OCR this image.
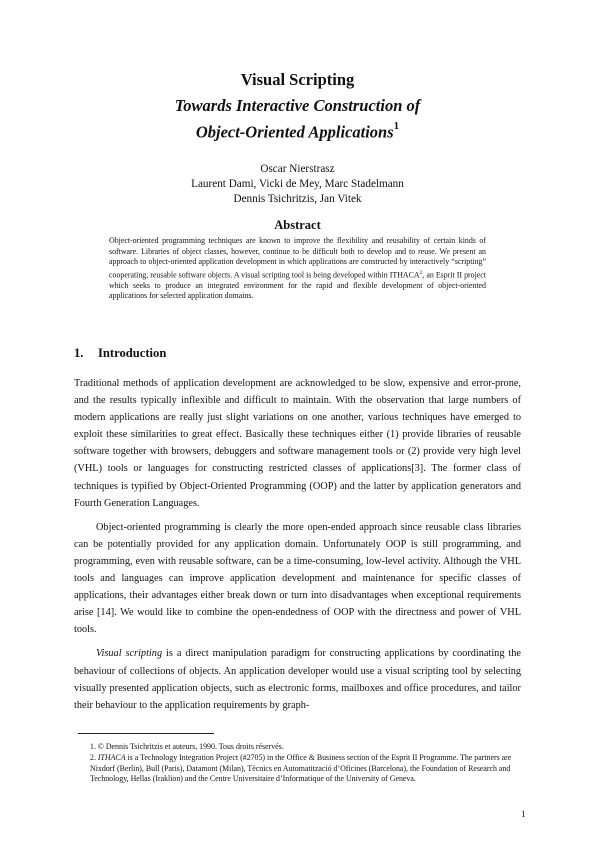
Visual Scripting
Towards Interactive Construction of
Object-Oriented Applications$^1$
Oscar Nierstrasz
Laurent Dami, Vicki de Mey, Marc Stadelmann
Dennis Tsichritzis, Jan Vitek
Abstract

Object-oriented programming techniques are known to improve the flexibility and reusability of certain kinds of software. Libraries of object classes, however, continue to be difficult both to develop and to reuse. We present an approach to object-oriented application development in which applications are constructed by interactively “scripting” cooperating, reusable software objects. A visual scripting tool is being developed within ITHACA$^2$, an Esprit II project which seeks to produce an integrated environment for the rapid and flexible development of object-oriented applications for selected application domains.

1. Introduction

Traditional methods of application development are acknowledged to be slow, expensive and error-prone, and the results typically inflexible and difficult to maintain. With the observation that large numbers of modern applications are really just slight variations on one another, various techniques have emerged to exploit these similarities to great effect. Basically these techniques either (1) provide libraries of reusable software together with browsers, debuggers and software management tools or (2) provide very high level (VHL) tools or languages for constructing restricted classes of applications[3]. The former class of techniques is typified by Object-Oriented Programming (OOP) and the latter by application generators and Fourth Generation Languages.

Object-oriented programming is clearly the more open-ended approach since reusable class libraries can be potentially provided for any application domain. Unfortunately OOP is still programming, and programming, even with reusable software, can be a time-consuming, low-level activity. Although the VHL tools and languages can improve application development and maintenance for specific classes of applications, their advantages either break down or turn into disadvantages when exceptional requirements arise [14]. We would like to combine the open-endedness of OOP with the directness and power of VHL tools.

Visual scripting is a direct manipulation paradigm for constructing applications by coordinating the behaviour of collections of objects. An application developer would use a visual scripting tool by selecting visually presented application objects, such as electronic forms, mailboxes and office procedures, and tailor their behaviour to the application requirements by graph-

1. © Dennis Tsichritzis et auteurs, 1990. Tous droits réservés.

2. ITHACA is a Technology Integration Project (#2705) in the Office & Business section of the Esprit II Programme. The partners are Nixdorf (Berlin), Bull (Paris), Datamont (Milan), Tècnics en Automatització d’Oficines (Barcelona), the Foundation of Research and Technology, Hellas (Iraklion) and the Centre Universitaire d’Informatique of the University of Geneva.

1
